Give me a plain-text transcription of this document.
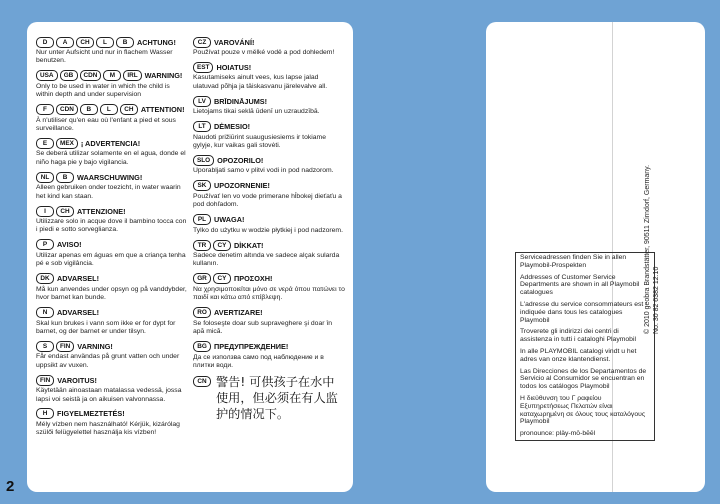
2
D	A	CH	L	B	ACHTUNG!
Nur unter Aufsicht und nur in flachem Wasser benutzen.
USA	GB	CDN	M	IRL WARNING!
Only to be used in water in which the child is within depth and under supervision
F	CDN	B	L	CH	ATTENTION!
À n'utiliser qu'en eau où l'enfant a pied et sous surveillance.
E	MEX ¡ ADVERTENCIA!
Se deberá utilizar solamente en el agua, donde el niño haga pie y bajo vigilancia.
NL	B	WAARSCHUWING!
Alleen gebruiken onder toezicht, in water waarin het kind kan staan.
I	CH	ATTENZIONE!
Utilizzare solo in acque dove il bambino tocca con i piedi e sotto sorveglianza.
P	AVISO!
Utilizar apenas em águas em que a criança tenha pé e sob vigilância.
DK	ADVARSEL!
Må kun anvendes under opsyn og på vanddybder, hvor barnet kan bunde.
N	ADVARSEL!
Skal kun brukes i vann som ikke er for dypt for barnet, og der barnet er under tilsyn.
S	FIN VARNING!
Får endast användas på grunt vatten och under uppsikt av vuxen.
FIN VAROITUS!
Käytetään ainoastaan matalassa vedessä, jossa lapsi voi seistä ja on aikuisen valvonnassa.
H	FIGYELMEZTETÉS!
Mély vízben nem használható! Kérjük, kizárólag szülői felügyelettel használja kis vízben!
CZ	VAROVÁNÍ!
Používat pouze v mělké vodě a pod dohledem!
EST HOIATUS!
Kasutamiseks ainult vees, kus lapse jalad ulatuvad põhja ja täiskasvanu järelevalve all.
LV	BRĪDINĀJUMS!
Lietojams tikai seklā ūdenī un uzraudzībā.
LT	DĖMESIO!
Naudoti prižiūrint suaugusiesiems ir tokiame gylyje, kur vaikas gali stovėti.
SLO OPOZORILO!
Uporabljati samo v plitvi vodi in pod nadzorom.
SK	UPOZORNENIE!
Používať len vo vode primerane hĺbokej dieťaťu a pod dohľadom.
PL	UWAGA!
Tylko do użytku w wodzie płytkiej i pod nadzorem.
TR	CY	DİKKAT!
Sadece denetim altında ve sadece alçak sularda kullanın.
GR	CY	ΠΡΟΣΟΧΗ!
Να χρησιμοποιείται μόνο σε νερά όπου πατώνει το παιδί και κάτω από επίβλεψη.
RO AVERTIZARE!
Se foloseşte doar sub supraveghere şi doar în apă mică.
BG ПРЕДУПРЕЖДЕНИЕ!
Да се използва само под наблюдение и в плитки води.
CN 警告! 可供孩子在水中使用，但必须在有人监护的情况下。
Serviceadressen finden Sie in allen Playmobil-Prospekten
Addresses of Customer Service Departments are shown in all Playmobil catalogues
L'adresse du service consommateurs est indiquée dans tous les catalogues Playmobil
Troverete gli indirizzi dei centri di assistenza in tutti i cataloghi Playmobil
In alle PLAYMOBIL catalogi vindt u het adres van onze klantendienst.
Las Direcciones de los Departamentos de Servicio al Consumidor se encuentran en todos los catálogos Playmobil
Η διεύθυνση του Γ ραφείου Εξυπηρετήσεως Πελατών είναι καταχωρημένη σε όλους τους καταλόγους Playmobil
pronounce: pläy-mō-bēēl
© 2010 geobra Brandstätter, 90511 Zirndorf, Germany. No. 30 82 6382 12.10
